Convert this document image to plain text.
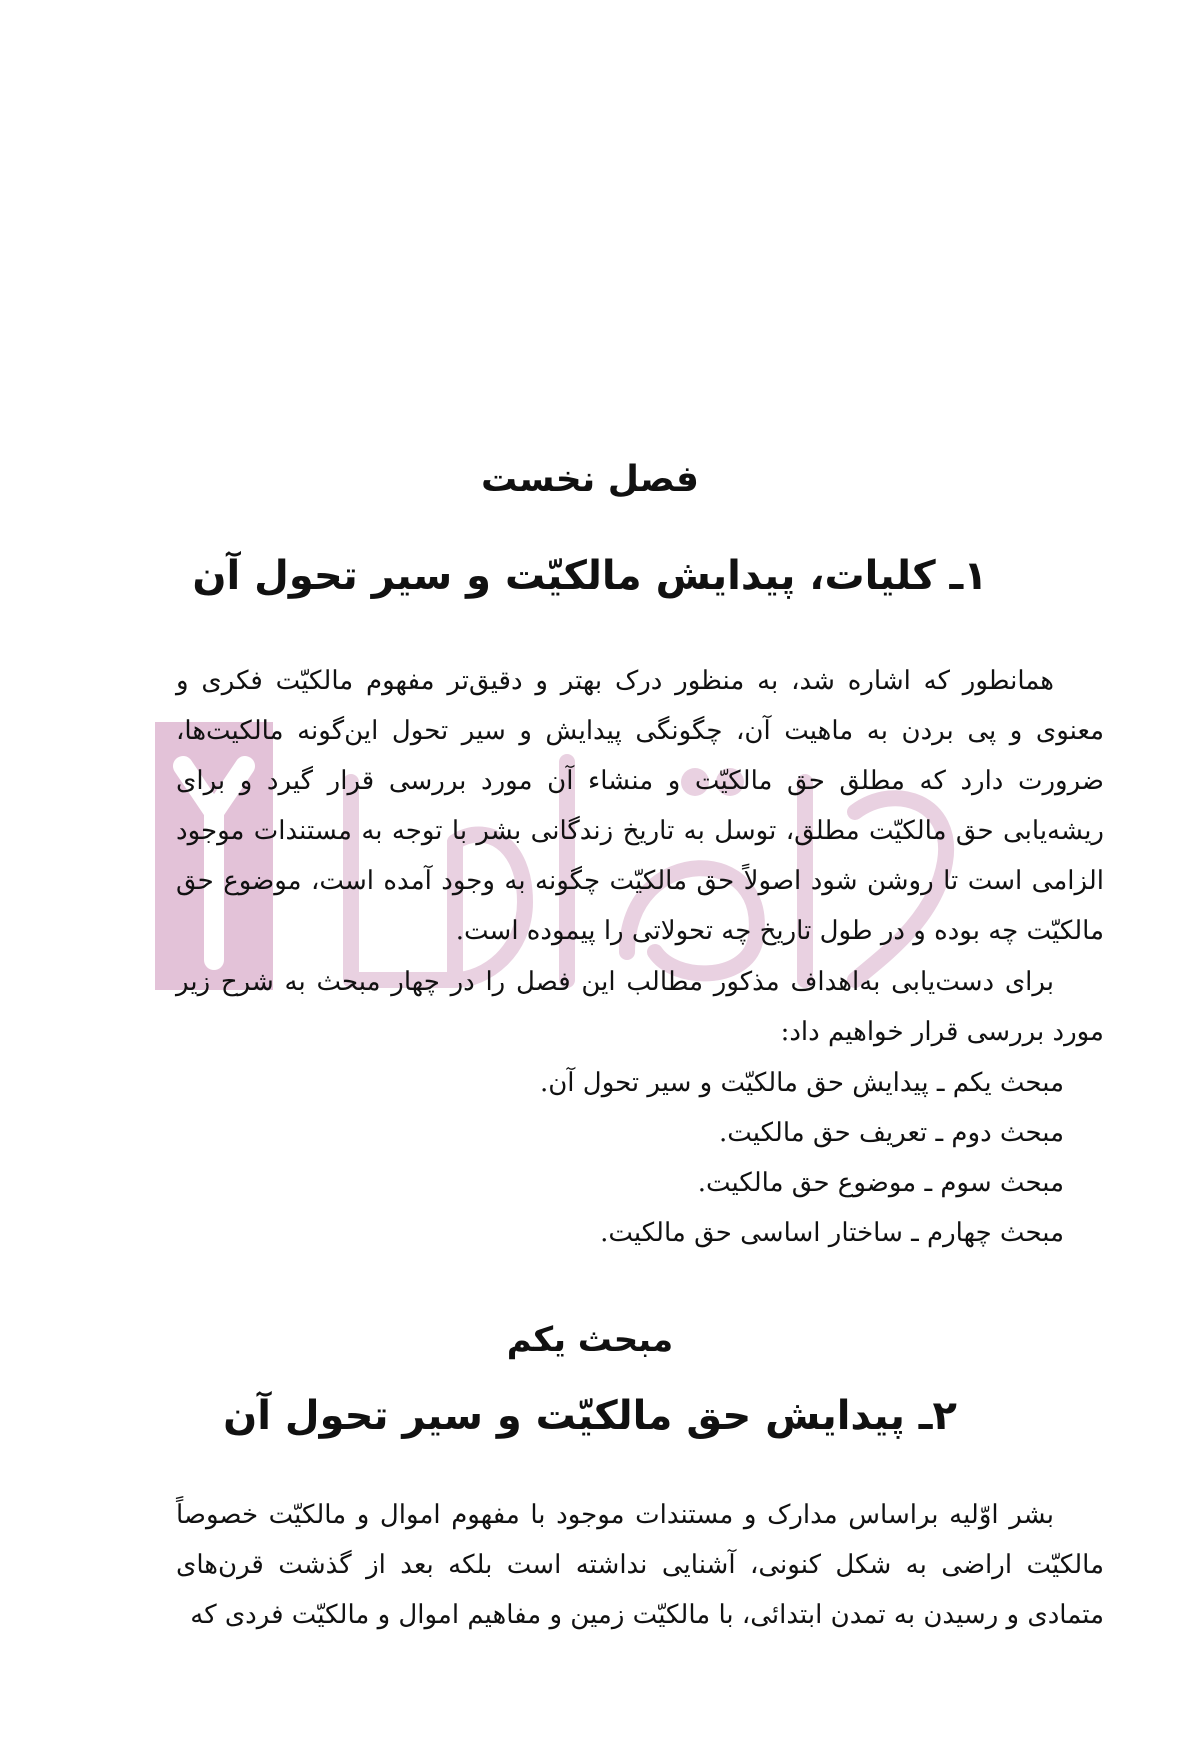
فصل نخست
۱ـ کلیات، پیدایش مالکیّت و سیر تحول آن

همانطور که اشاره شد، به منظور درک بهتر و دقیق‌تر مفهوم مالکیّت فکری و معنوی و پی بردن به ماهیت آن، چگونگی پیدایش و سیر تحول این‌گونه مالکیت‌ها، ضرورت دارد که مطلق حق مالکیّت و منشاء آن مورد بررسی قرار گیرد و برای ریشه‌یابی حق مالکیّت مطلق، توسل به تاریخ زندگانی بشر با توجه به مستندات موجود الزامی است تا روشن شود اصولاً حق مالکیّت چگونه به وجود آمده است، موضوع حق مالکیّت چه بوده و در طول تاریخ چه تحولاتی را پیموده است.

برای دست‌یابی به‌اهداف مذکور مطالب این فصل را در چهار مبحث به شرح زیر مورد بررسی قرار خواهیم داد:

مبحث یکم ـ پیدایش حق مالکیّت و سیر تحول آن.
مبحث دوم ـ تعریف حق مالکیت.
مبحث سوم ـ موضوع حق مالکیت.
مبحث چهارم ـ ساختار اساسی حق مالکیت.
مبحث یکم
۲ـ پیدایش حق مالکیّت و سیر تحول آن

بشر اوّلیه براساس مدارک و مستندات موجود با مفهوم اموال و مالکیّت خصوصاً مالکیّت اراضی به شکل کنونی، آشنایی نداشته است بلکه بعد از گذشت قرن‌های متمادی و رسیدن به تمدن ابتدائی، با مالکیّت زمین و مفاهیم اموال و مالکیّت فردی که
